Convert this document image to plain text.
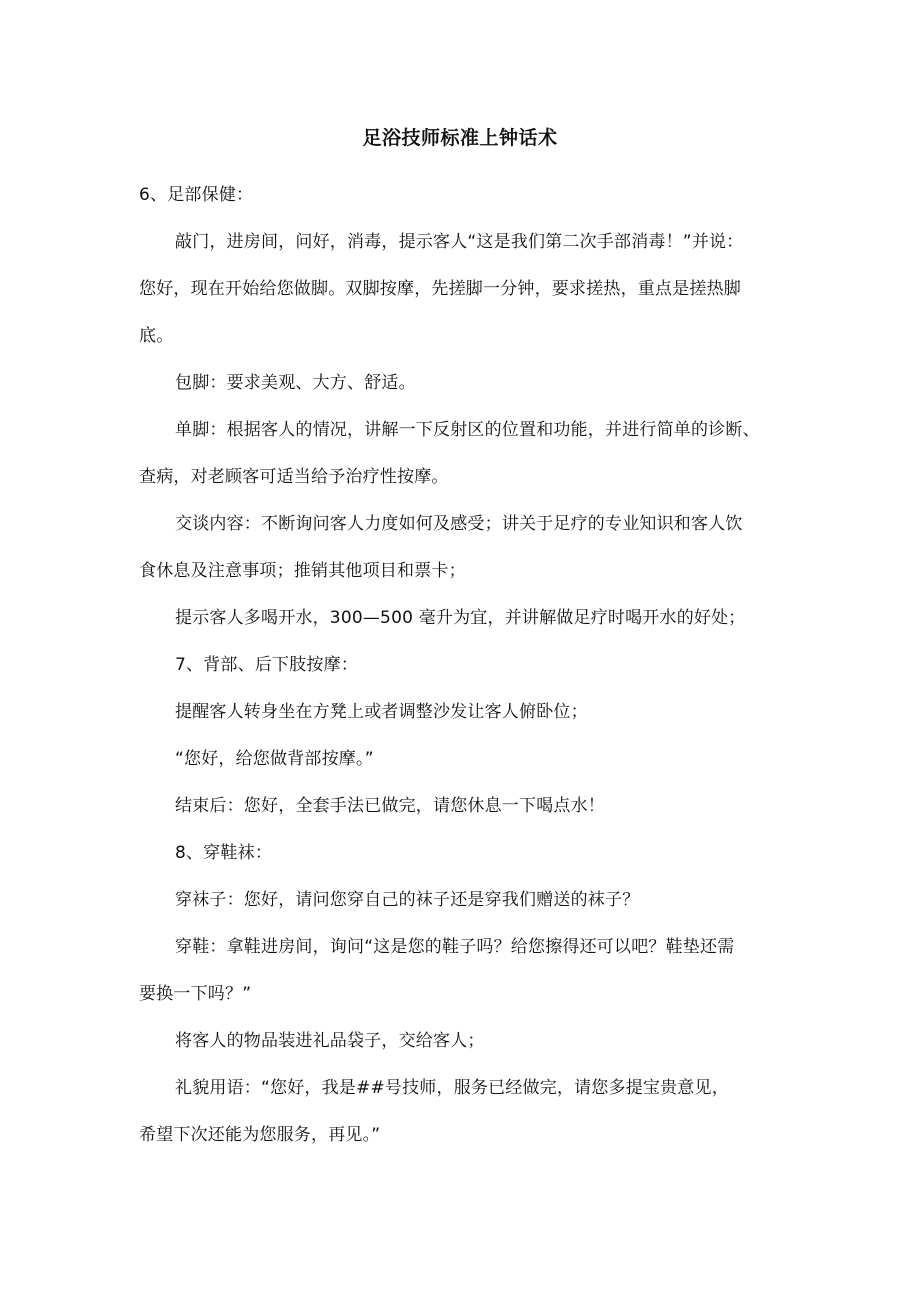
足浴技师标准上钟话术

6、足部保健：

敲门，进房间，问好，消毒，提示客人“这是我们第二次手部消毒！”并说：

您好，现在开始给您做脚。双脚按摩，先搓脚一分钟，要求搓热，重点是搓热脚

底。

包脚：要求美观、大方、舒适。

单脚：根据客人的情况，讲解一下反射区的位置和功能，并进行简单的诊断、

查病，对老顾客可适当给予治疗性按摩。

交谈内容：不断询问客人力度如何及感受；讲关于足疗的专业知识和客人饮

食休息及注意事项；推销其他项目和票卡；

提示客人多喝开水，300—500 毫升为宜，并讲解做足疗时喝开水的好处；

7、背部、后下肢按摩：

提醒客人转身坐在方凳上或者调整沙发让客人俯卧位；

“您好，给您做背部按摩。”

结束后：您好，全套手法已做完，请您休息一下喝点水！

8、穿鞋袜：

穿袜子：您好，请问您穿自己的袜子还是穿我们赠送的袜子？

穿鞋：拿鞋进房间，询问“这是您的鞋子吗？给您擦得还可以吧？鞋垫还需

要换一下吗？”

将客人的物品装进礼品袋子，交给客人；

礼貌用语：“您好，我是##号技师，服务已经做完，请您多提宝贵意见，

希望下次还能为您服务，再见。”
